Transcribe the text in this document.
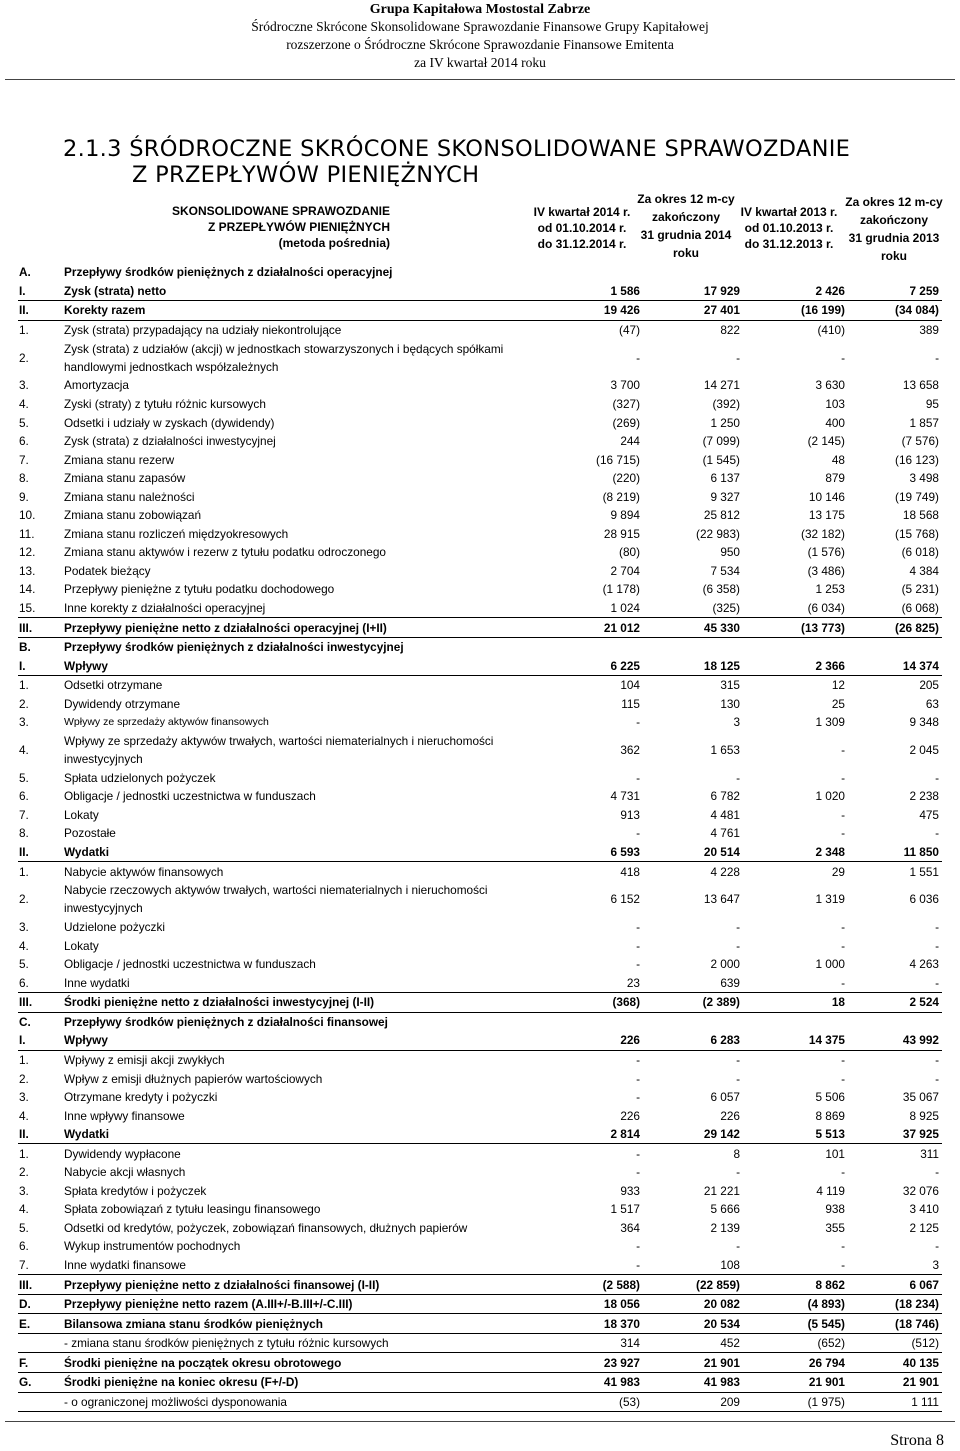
Grupa Kapitałowa Mostostal Zabrze
Śródroczne Skrócone Skonsolidowane Sprawozdanie Finansowe Grupy Kapitałowej
rozszerzone o Śródroczne Skrócone Sprawozdanie Finansowe Emitenta
za IV kwartał 2014 roku
2.1.3 ŚRÓDROCZNE SKRÓCONE SKONSOLIDOWANE SPRAWOZDANIE
Z PRZEPŁYWÓW PIENIĘŻNYCH
SKONSOLIDOWANE SPRAWOZDANIE
Z PRZEPŁYWÓW PIENIĘŻNYCH
(metoda pośrednia)
IV kwartał 2014 r.
od 01.10.2014 r.
do 31.12.2014 r.
Za okres 12 m-cy
zakończony
31 grudnia 2014
roku
IV kwartał 2013 r.
od 01.10.2013 r.
do 31.12.2013 r.
Za okres 12 m-cy
zakończony
31 grudnia 2013
roku
A.	Przepływy środków pieniężnych z działalności operacyjnej				
I.	Zysk (strata) netto	1 586	17 929	2 426	7 259
II.	Korekty razem	19 426	27 401	(16 199)	(34 084)
1.	Zysk (strata) przypadający na udziały niekontrolujące	(47)	822	(410)	389
2.	Zysk (strata) z udziałów (akcji) w jednostkach stowarzyszonych i będących spółkami handlowymi jednostkach współzależnych	-	-	-	-
3.	Amortyzacja	3 700	14 271	3 630	13 658
4.	Zyski (straty) z tytułu różnic kursowych	(327)	(392)	103	95
5.	Odsetki i udziały w zyskach (dywidendy)	(269)	1 250	400	1 857
6.	Zysk (strata) z działalności inwestycyjnej	244	(7 099)	(2 145)	(7 576)
7.	Zmiana stanu rezerw	(16 715)	(1 545)	48	(16 123)
8.	Zmiana stanu zapasów	(220)	6 137	879	3 498
9.	Zmiana stanu należności	(8 219)	9 327	10 146	(19 749)
10.	Zmiana stanu zobowiązań	9 894	25 812	13 175	18 568
11.	Zmiana stanu rozliczeń międzyokresowych	28 915	(22 983)	(32 182)	(15 768)
12.	Zmiana stanu aktywów i rezerw z tytułu podatku odroczonego	(80)	950	(1 576)	(6 018)
13.	Podatek bieżący	2 704	7 534	(3 486)	4 384
14.	Przepływy pieniężne z tytułu podatku dochodowego	(1 178)	(6 358)	1 253	(5 231)
15.	Inne korekty z działalności operacyjnej	1 024	(325)	(6 034)	(6 068)
III.	Przepływy pieniężne netto z działalności operacyjnej (I+II)	21 012	45 330	(13 773)	(26 825)
B.	Przepływy środków pieniężnych z działalności inwestycyjnej				
I.	Wpływy	6 225	18 125	2 366	14 374
1.	Odsetki otrzymane	104	315	12	205
2.	Dywidendy otrzymane	115	130	25	63
3.	Wpływy ze sprzedaży aktywów finansowych	-	3	1 309	9 348
4.	Wpływy ze sprzedaży aktywów trwałych, wartości niematerialnych i nieruchomości inwestycyjnych	362	1 653	-	2 045
5.	Spłata udzielonych pożyczek	-	-	-	-
6.	Obligacje / jednostki uczestnictwa w funduszach	4 731	6 782	1 020	2 238
7.	Lokaty	913	4 481	-	475
8.	Pozostałe	-	4 761	-	-
II.	Wydatki	6 593	20 514	2 348	11 850
1.	Nabycie aktywów finansowych	418	4 228	29	1 551
2.	Nabycie rzeczowych aktywów trwałych, wartości niematerialnych i nieruchomości inwestycyjnych	6 152	13 647	1 319	6 036
3.	Udzielone pożyczki	-	-	-	-
4.	Lokaty	-	-	-	-
5.	Obligacje / jednostki uczestnictwa w funduszach	-	2 000	1 000	4 263
6.	Inne wydatki	23	639	-	-
III.	Środki pieniężne netto z działalności inwestycyjnej (I-II)	(368)	(2 389)	18	2 524
C.	Przepływy środków pieniężnych z działalności finansowej				
I.	Wpływy	226	6 283	14 375	43 992
1.	Wpływy z emisji akcji zwykłych	-	-	-	-
2.	Wpływ z emisji dłużnych papierów wartościowych	-	-	-	-
3.	Otrzymane kredyty i pożyczki	-	6 057	5 506	35 067
4.	Inne wpływy finansowe	226	226	8 869	8 925
II.	Wydatki	2 814	29 142	5 513	37 925
1.	Dywidendy wypłacone	-	8	101	311
2.	Nabycie akcji własnych	-	-	-	-
3.	Spłata kredytów i pożyczek	933	21 221	4 119	32 076
4.	Spłata zobowiązań z tytułu leasingu finansowego	1 517	5 666	938	3 410
5.	Odsetki od kredytów, pożyczek, zobowiązań finansowych, dłużnych papierów	364	2 139	355	2 125
6.	Wykup instrumentów pochodnych	-	-	-	-
7.	Inne wydatki finansowe	-	108	-	3
III.	Przepływy pieniężne netto z działalności finansowej (I-II)	(2 588)	(22 859)	8 862	6 067
D.	Przepływy pieniężne netto razem (A.III+/-B.III+/-C.III)	18 056	20 082	(4 893)	(18 234)
E.	Bilansowa zmiana stanu środków pieniężnych	18 370	20 534	(5 545)	(18 746)
	- zmiana stanu środków pieniężnych z tytułu różnic kursowych	314	452	(652)	(512)
F.	Środki pieniężne na początek okresu obrotowego	23 927	21 901	26 794	40 135
G.	Środki pieniężne na koniec okresu (F+/-D)	41 983	41 983	21 901	21 901
	- o ograniczonej możliwości dysponowania	(53)	209	(1 975)	1 111
Strona 8
